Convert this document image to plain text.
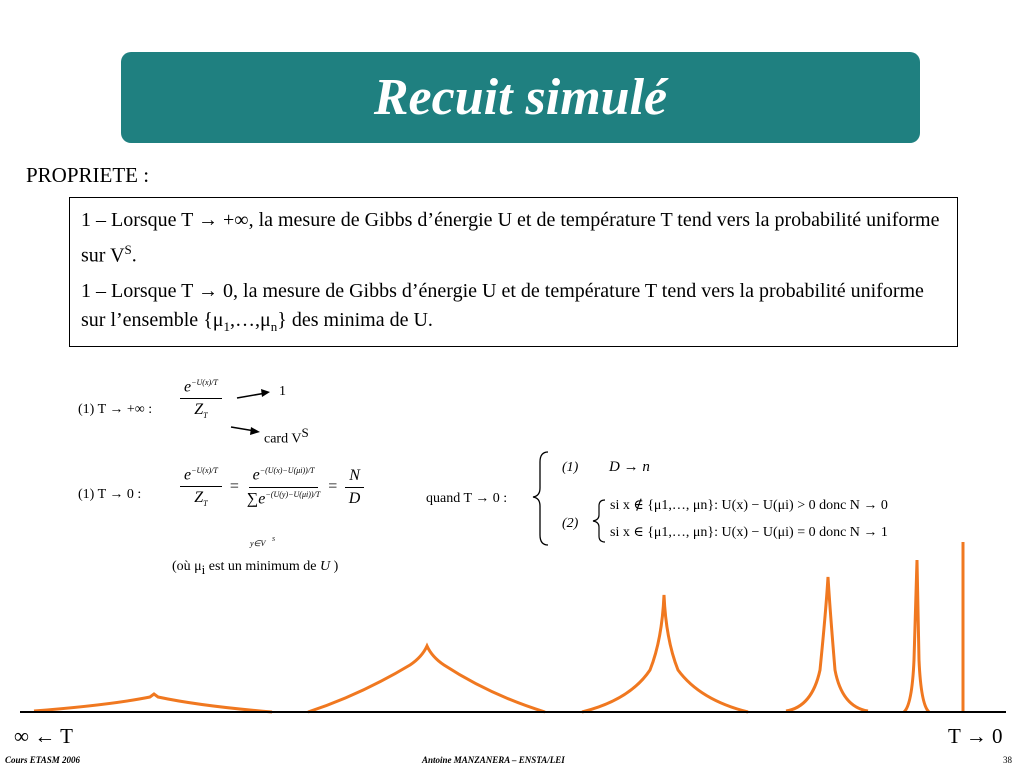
Recuit simulé
PROPRIETE :

1 – Lorsque T → +∞, la mesure de Gibbs d’énergie U et de température T tend vers la probabilité uniforme sur $V^S$.

1 – Lorsque T → 0, la mesure de Gibbs d’énergie U et de température T tend vers la probabilité uniforme sur l’ensemble $\{\mu_1,\dots,\mu_n\}$ des minima de U.

(1) T → +∞ : $\frac{e^{-U(x)/T}}{Z_T}$	1
card $V^S$
(1) T → 0 : $\frac{e^{-U(x)/T}}{Z_T} = \frac{e^{-(U(x)-U(\mu i))/T}}{\sum e^{-(U(y)-U(\mu i))/T}} = \frac{N}{D}$	quand T → 0 :
(1) D → n
(2)
si x ∉ {μ1,…, μn}: U(x) − U(μi) > 0 donc N → 0
si x ∈ {μ1,…, μn}: U(x) − U(μi) = 0 donc N → 1
(où $\mu_i$ est un minimum de U )
y∈V S
∞ ← T	T → 0
Cours ETASM 2006	Antoine MANZANERA – ENSTA/LEI	38
